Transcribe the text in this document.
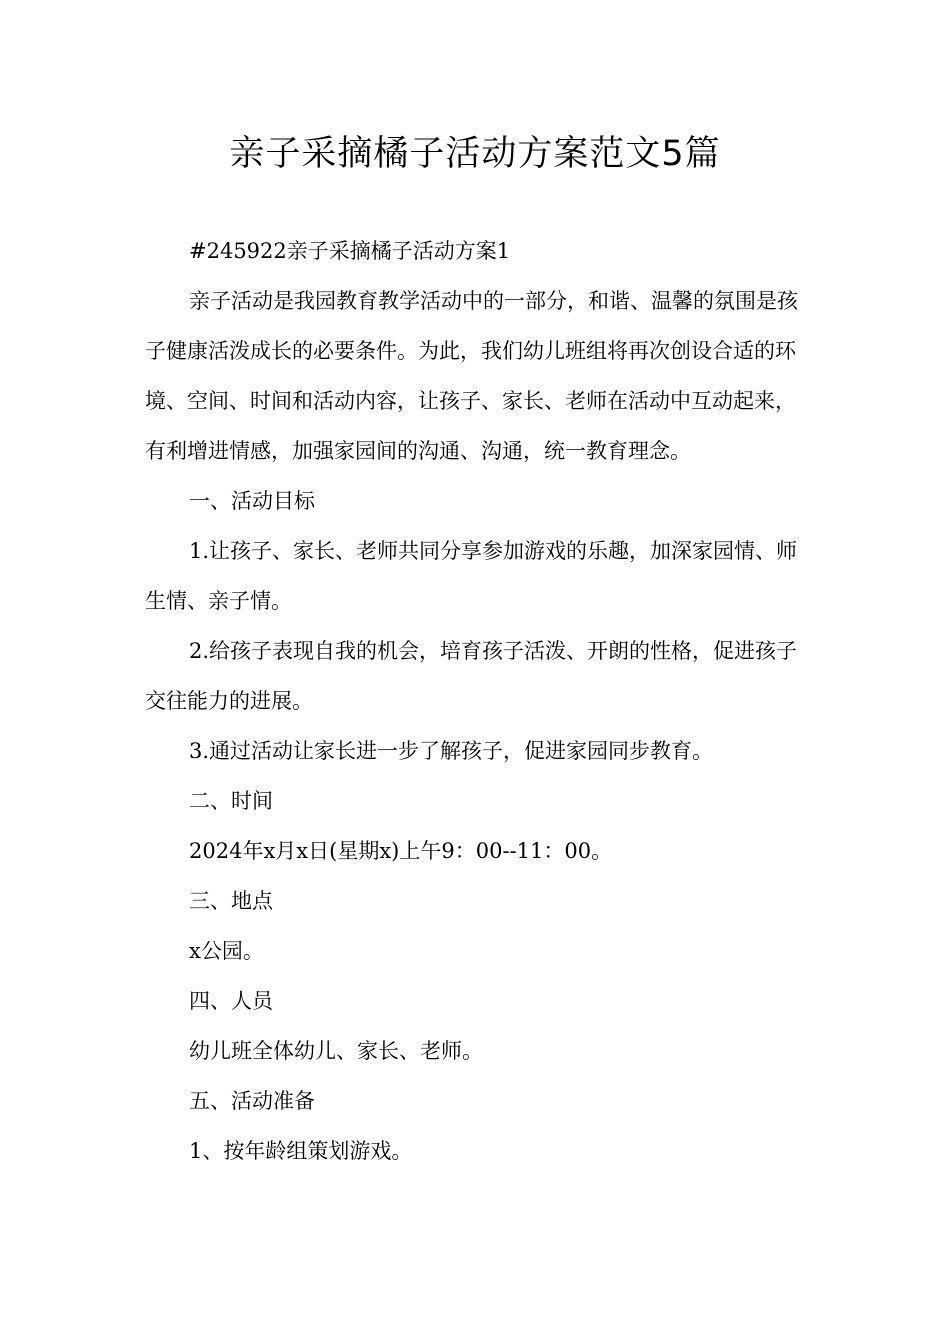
亲子采摘橘子活动方案范文5篇

#245922亲子采摘橘子活动方案1

亲子活动是我园教育教学活动中的一部分，和谐、温馨的氛围是孩子健康活泼成长的必要条件。为此，我们幼儿班组将再次创设合适的环境、空间、时间和活动内容，让孩子、家长、老师在活动中互动起来，有利增进情感，加强家园间的沟通、沟通，统一教育理念。

一、活动目标

1.让孩子、家长、老师共同分享参加游戏的乐趣，加深家园情、师生情、亲子情。

2.给孩子表现自我的机会，培育孩子活泼、开朗的性格，促进孩子交往能力的进展。

3.通过活动让家长进一步了解孩子，促进家园同步教育。

二、时间

2024年x月x日(星期x)上午9：00--11：00。

三、地点

x公园。

四、人员

幼儿班全体幼儿、家长、老师。

五、活动准备

1、按年龄组策划游戏。
